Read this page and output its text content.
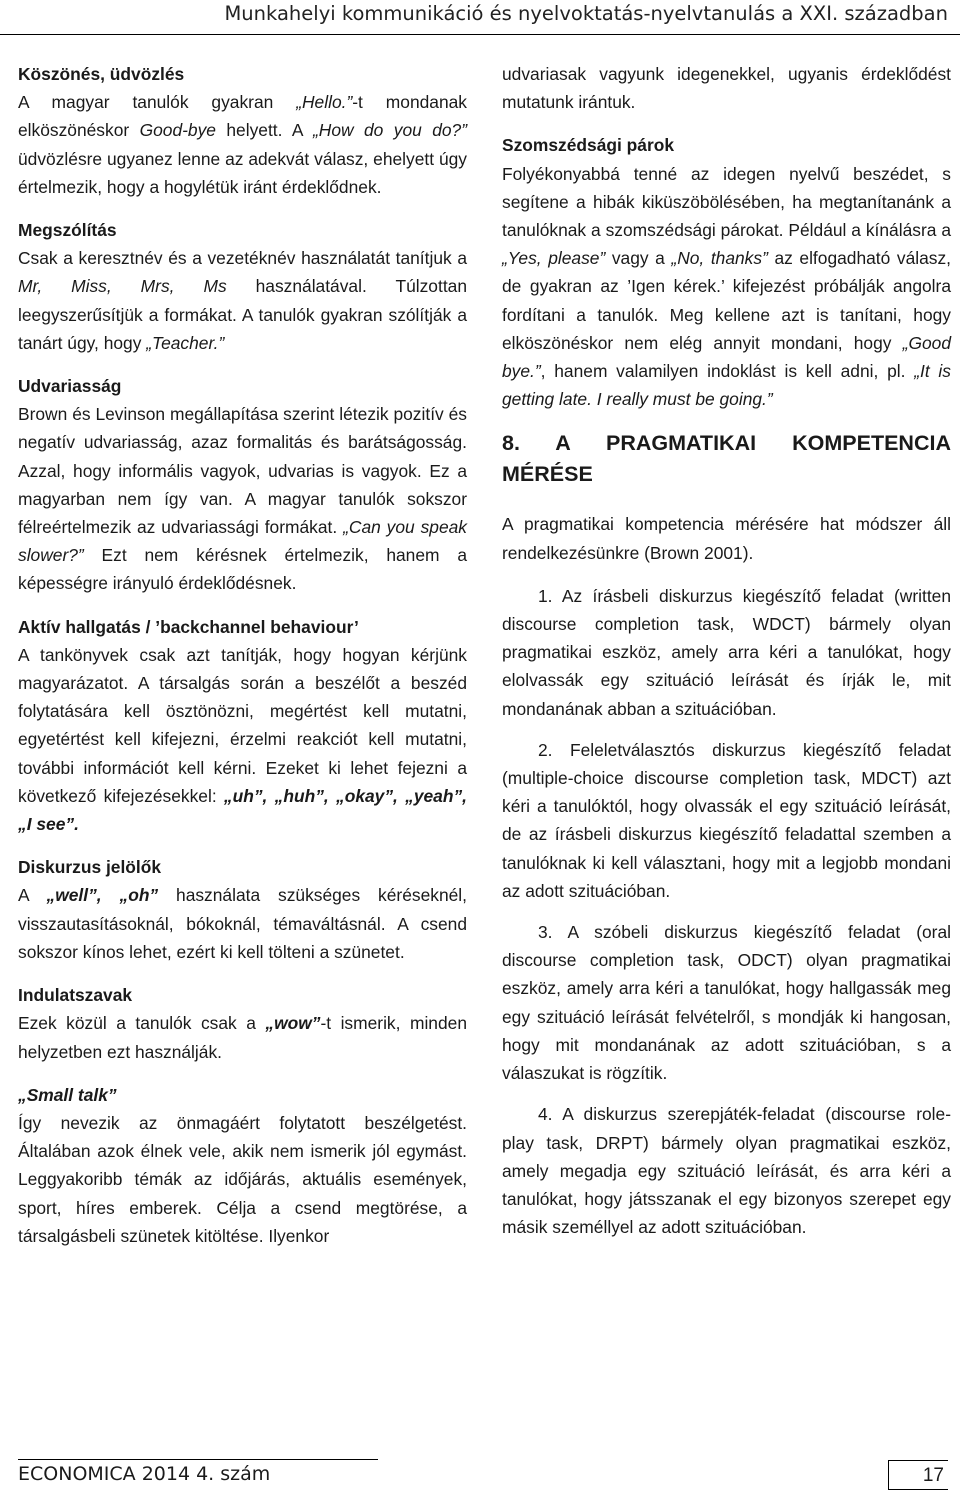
Munkahelyi kommunikáció és nyelvoktatás-nyelvtanulás a XXI. században
Köszönés, üdvözlés

A magyar tanulók gyakran „Hello.”-t mondanak elköszönéskor Good-bye helyett. A „How do you do?” üdvözlésre ugyanez lenne az adekvát válasz, ehelyett úgy értelmezik, hogy a hogylétük iránt érdeklődnek.

Megszólítás

Csak a keresztnév és a vezetéknév használatát tanítjuk a Mr, Miss, Mrs, Ms használatával. Túlzottan leegyszerűsítjük a formákat. A tanulók gyakran szólítják a tanárt úgy, hogy „Teacher.”

Udvariasság

Brown és Levinson megállapítása szerint létezik pozitív és negatív udvariasság, azaz formalitás és barátságosság. Azzal, hogy informális vagyok, udvarias is vagyok. Ez a magyarban nem így van. A magyar tanulók sokszor félreértelmezik az udvariassági formákat. „Can you speak slower?” Ezt nem kérésnek értelmezik, hanem a képességre irányuló érdeklődésnek.

Aktív hallgatás / ’backchannel behaviour’

A tankönyvek csak azt tanítják, hogy hogyan kérjünk magyarázatot. A társalgás során a beszélőt a beszéd folytatására kell ösztönözni, megértést kell mutatni, egyetértést kell kifejezni, érzelmi reakciót kell mutatni, további információt kell kérni. Ezeket ki lehet fejezni a következő kifejezésekkel: „uh”, „huh”, „okay”, „yeah”, „I see”.

Diskurzus jelölők

A „well”, „oh” használata szükséges kéréseknél, visszautasításoknál, bókoknál, témaváltásnál. A csend sokszor kínos lehet, ezért ki kell tölteni a szünetet.

Indulatszavak

Ezek közül a tanulók csak a „wow”-t ismerik, minden helyzetben ezt használják.

„Small talk”

Így nevezik az önmagáért folytatott beszélgetést. Általában azok élnek vele, akik nem ismerik jól egymást. Leggyakoribb témák az időjárás, aktuális események, sport, híres emberek. Célja a csend megtörése, a társalgásbeli szünetek kitöltése. Ilyenkor

udvariasak vagyunk idegenekkel, ugyanis érdeklődést mutatunk irántuk.

Szomszédsági párok

Folyékonyabbá tenné az idegen nyelvű beszédet, s segítene a hibák kiküszöbölésében, ha megtanítanánk a tanulóknak a szomszédsági párokat. Például a kínálásra a „Yes, please” vagy a „No, thanks” az elfogadható válasz, de gyakran az ’Igen kérek.’ kifejezést próbálják angolra fordítani a tanulók. Meg kellene azt is tanítani, hogy elköszönéskor nem elég annyit mondani, hogy „Good bye.”, hanem valamilyen indoklást is kell adni, pl. „It is getting late. I really must be going.”

8. A PRAGMATIKAI KOMPETENCIA MÉRÉSE

A pragmatikai kompetencia mérésére hat módszer áll rendelkezésünkre (Brown 2001).

1. Az írásbeli diskurzus kiegészítő feladat (written discourse completion task, WDCT) bármely olyan pragmatikai eszköz, amely arra kéri a tanulókat, hogy elolvassák egy szituáció leírását és írják le, mit mondanának abban a szituációban.

2. Feleletválasztós diskurzus kiegészítő feladat (multiple-choice discourse completion task, MDCT) azt kéri a tanulóktól, hogy olvassák el egy szituáció leírását, de az írásbeli diskurzus kiegészítő feladattal szemben a tanulóknak ki kell választani, hogy mit a legjobb mondani az adott szituációban.

3. A szóbeli diskurzus kiegészítő feladat (oral discourse completion task, ODCT) olyan pragmatikai eszköz, amely arra kéri a tanulókat, hogy hallgassák meg egy szituáció leírását felvételről, s mondják ki hangosan, hogy mit mondanának az adott szituációban, s a válaszukat is rögzítik.

4. A diskurzus szerepjáték-feladat (discourse role-play task, DRPT) bármely olyan pragmatikai eszköz, amely megadja egy szituáció leírását, és arra kéri a tanulókat, hogy játsszanak el egy bizonyos szerepet egy másik személlyel az adott szituációban.

ECONOMICA 2014 4. szám	17
